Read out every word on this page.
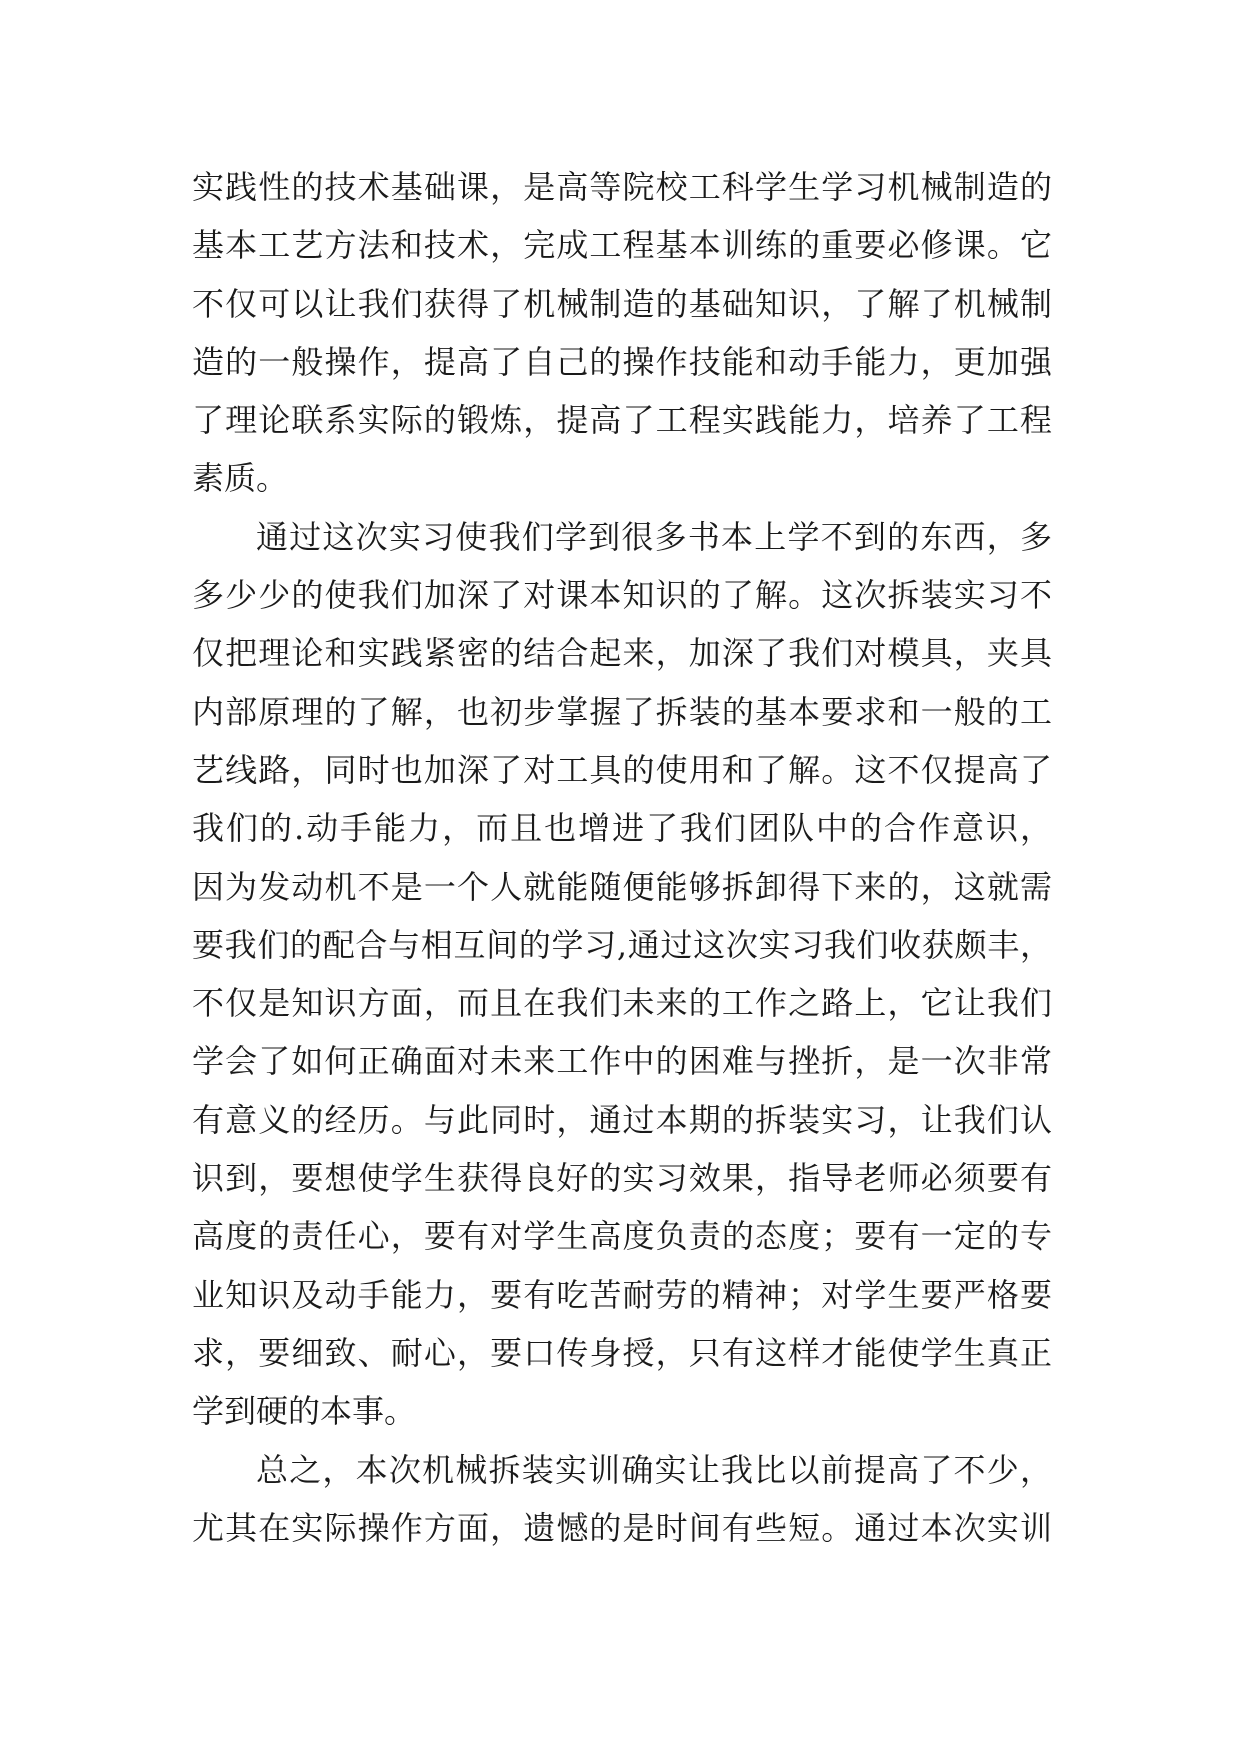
实践性的技术基础课，是高等院校工科学生学习机械制造的
基本工艺方法和技术，完成工程基本训练的重要必修课。它
不仅可以让我们获得了机械制造的基础知识，了解了机械制
造的一般操作，提高了自己的操作技能和动手能力，更加强
了理论联系实际的锻炼，提高了工程实践能力，培养了工程
素质。
通过这次实习使我们学到很多书本上学不到的东西，多
多少少的使我们加深了对课本知识的了解。这次拆装实习不
仅把理论和实践紧密的结合起来，加深了我们对模具，夹具
内部原理的了解，也初步掌握了拆装的基本要求和一般的工
艺线路，同时也加深了对工具的使用和了解。这不仅提高了
我们的.动手能力，而且也增进了我们团队中的合作意识，
因为发动机不是一个人就能随便能够拆卸得下来的，这就需
要我们的配合与相互间的学习,通过这次实习我们收获颇丰，
不仅是知识方面，而且在我们未来的工作之路上，它让我们
学会了如何正确面对未来工作中的困难与挫折，是一次非常
有意义的经历。与此同时，通过本期的拆装实习，让我们认
识到，要想使学生获得良好的实习效果，指导老师必须要有
高度的责任心，要有对学生高度负责的态度；要有一定的专
业知识及动手能力，要有吃苦耐劳的精神；对学生要严格要
求，要细致、耐心，要口传身授，只有这样才能使学生真正
学到硬的本事。
总之，本次机械拆装实训确实让我比以前提高了不少，
尤其在实际操作方面，遗憾的是时间有些短。通过本次实训
